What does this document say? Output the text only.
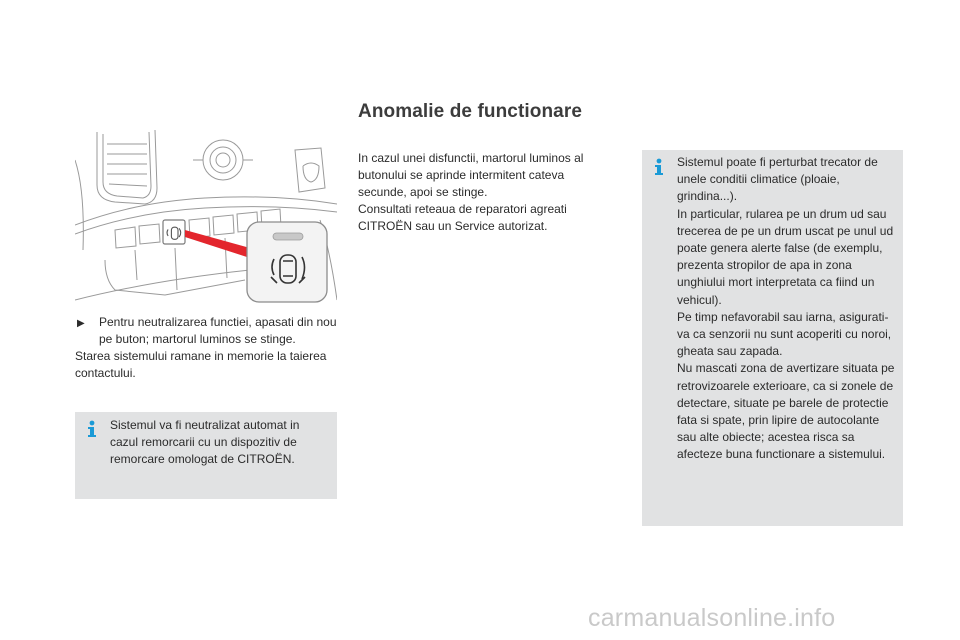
▶	Pentru neutralizarea functiei, apasati din nou pe buton; martorul luminos se stinge.

Starea sistemului ramane in memorie la taierea contactului.

Sistemul va fi neutralizat automat in cazul remorcarii cu un dispozitiv de remorcare omologat de CITROËN.
Anomalie de functionare
In cazul unei disfunctii, martorul luminos al butonului se aprinde intermitent cateva secunde, apoi se stinge.
Consultati reteaua de reparatori agreati CITROËN sau un Service autorizat.
Sistemul poate fi perturbat trecator de unele conditii climatice (ploaie, grindina...).
In particular, rularea pe un drum ud sau trecerea de pe un drum uscat pe unul ud poate genera alerte false (de exemplu, prezenta stropilor de apa in zona unghiului mort interpretata ca fiind un vehicul).
Pe timp nefavorabil sau iarna, asigurati-va ca senzorii nu sunt acoperiti cu noroi, gheata sau zapada.
Nu mascati zona de avertizare situata pe retrovizoarele exterioare, ca si zonele de detectare, situate pe barele de protectie fata si spate, prin lipire de autocolante sau alte obiecte; acestea risca sa afecteze buna functionare a sistemului.
carmanualsonline.info
